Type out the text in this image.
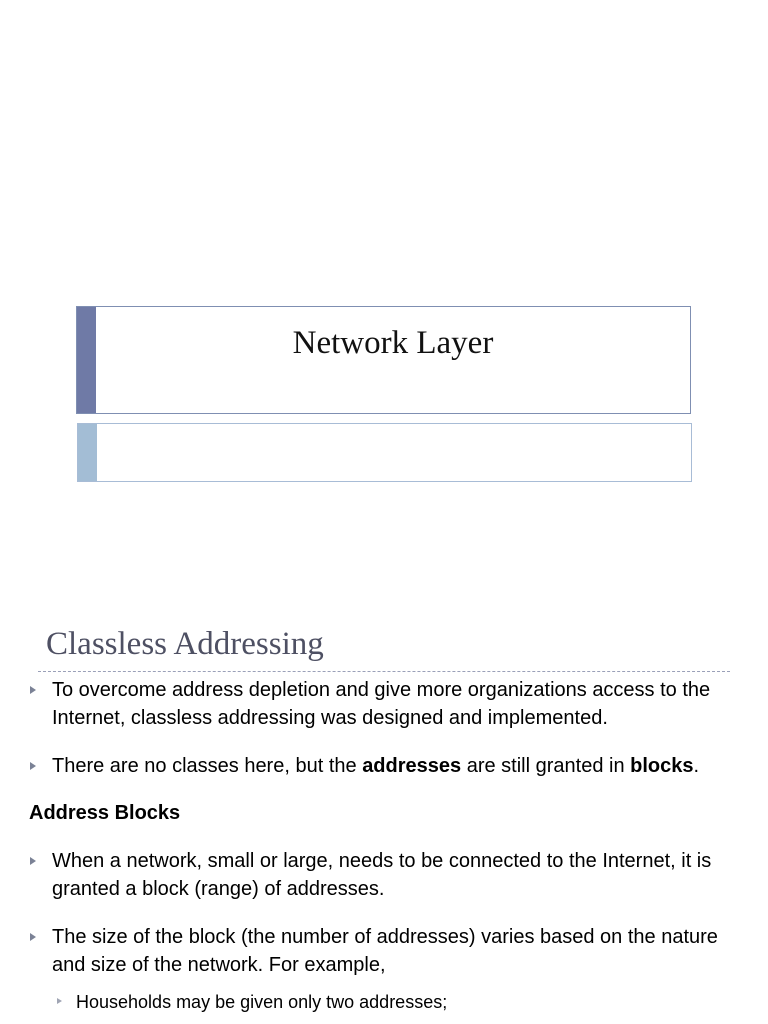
Network Layer
Classless Addressing
To overcome address depletion and give more organizations access to the Internet, classless addressing was designed and implemented.
There are no classes here, but the addresses are still granted in blocks.
Address Blocks
When a network, small or large, needs to be connected to the Internet, it is granted a block (range) of addresses.
The size of the block (the number of addresses) varies based on the nature and size of the network. For example,
Households may be given only two addresses;
